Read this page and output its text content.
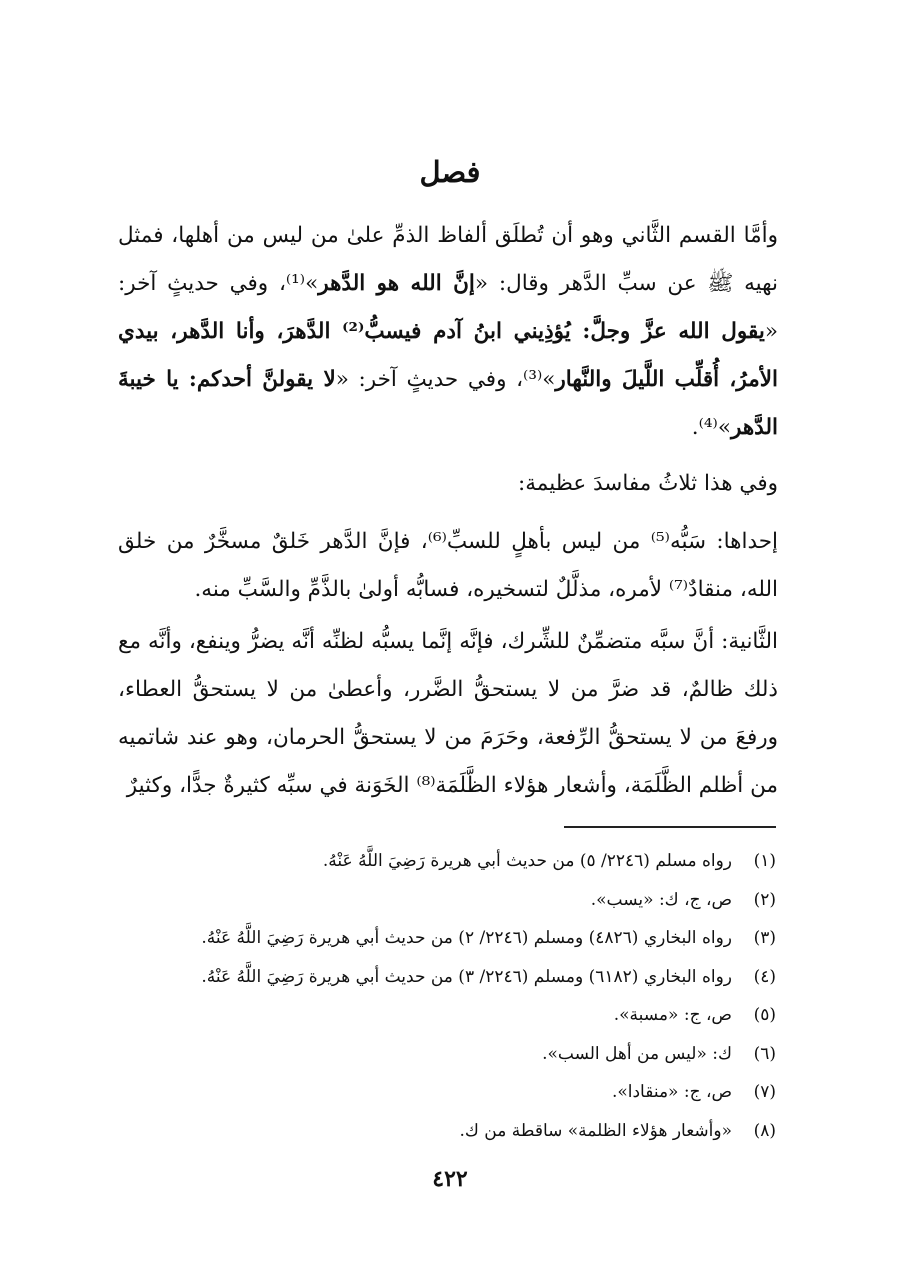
فصل

وأمَّا القسم الثَّاني وهو أن تُطلَق ألفاظ الذمِّ علىٰ من ليس من أهلها، فمثل نهيه ﷺ عن سبِّ الدَّهر وقال: «إنَّ الله هو الدَّهر»⁽¹⁾، وفي حديثٍ آخر: «يقول الله عزَّ وجلَّ: يُؤذِيني ابنُ آدم فيسبُّ⁽²⁾ الدَّهرَ، وأنا الدَّهر، بيدي الأمرُ، أُقلِّب اللَّيلَ والنَّهار»⁽³⁾، وفي حديثٍ آخر: «لا يقولنَّ أحدكم: يا خيبةَ الدَّهر»⁽⁴⁾.

وفي هذا ثلاثُ مفاسدَ عظيمة:

إحداها: سَبُّه⁽⁵⁾ من ليس بأهلٍ للسبِّ⁽⁶⁾، فإنَّ الدَّهر خَلقٌ مسخَّرٌ من خلق الله، منقادٌ⁽⁷⁾ لأمره، مذلَّلٌ لتسخيره، فسابُّه أولىٰ بالذَّمِّ والسَّبِّ منه.

الثَّانية: أنَّ سبَّه متضمِّنٌ للشِّرك، فإنَّه إنَّما يسبُّه لظنِّه أنَّه يضرُّ وينفع، وأنَّه مع ذلك ظالمٌ، قد ضرَّ من لا يستحقُّ الضَّرر، وأعطىٰ من لا يستحقُّ العطاء، ورفعَ من لا يستحقُّ الرِّفعة، وحَرَمَ من لا يستحقُّ الحرمان، وهو عند شاتميه من أظلم الظَّلَمَة، وأشعار هؤلاء الظَّلَمَة⁽⁸⁾ الخَوَنة في سبِّه كثيرةٌ جدًّا، وكثيرٌ

(١)رواه مسلم (٢٢٤٦/ ٥) من حديث أبي هريرة رَضِيَ اللَّهُ عَنْهُ.
(٢)ص، ج، ك: «يسب».
(٣)رواه البخاري (٤٨٢٦) ومسلم (٢٢٤٦/ ٢) من حديث أبي هريرة رَضِيَ اللَّهُ عَنْهُ.
(٤)رواه البخاري (٦١٨٢) ومسلم (٢٢٤٦/ ٣) من حديث أبي هريرة رَضِيَ اللَّهُ عَنْهُ.
(٥)ص، ج: «مسبة».
(٦)ك: «ليس من أهل السب».
(٧)ص، ج: «منقادا».
(٨)«وأشعار هؤلاء الظلمة» ساقطة من ك.
٤٢٢
